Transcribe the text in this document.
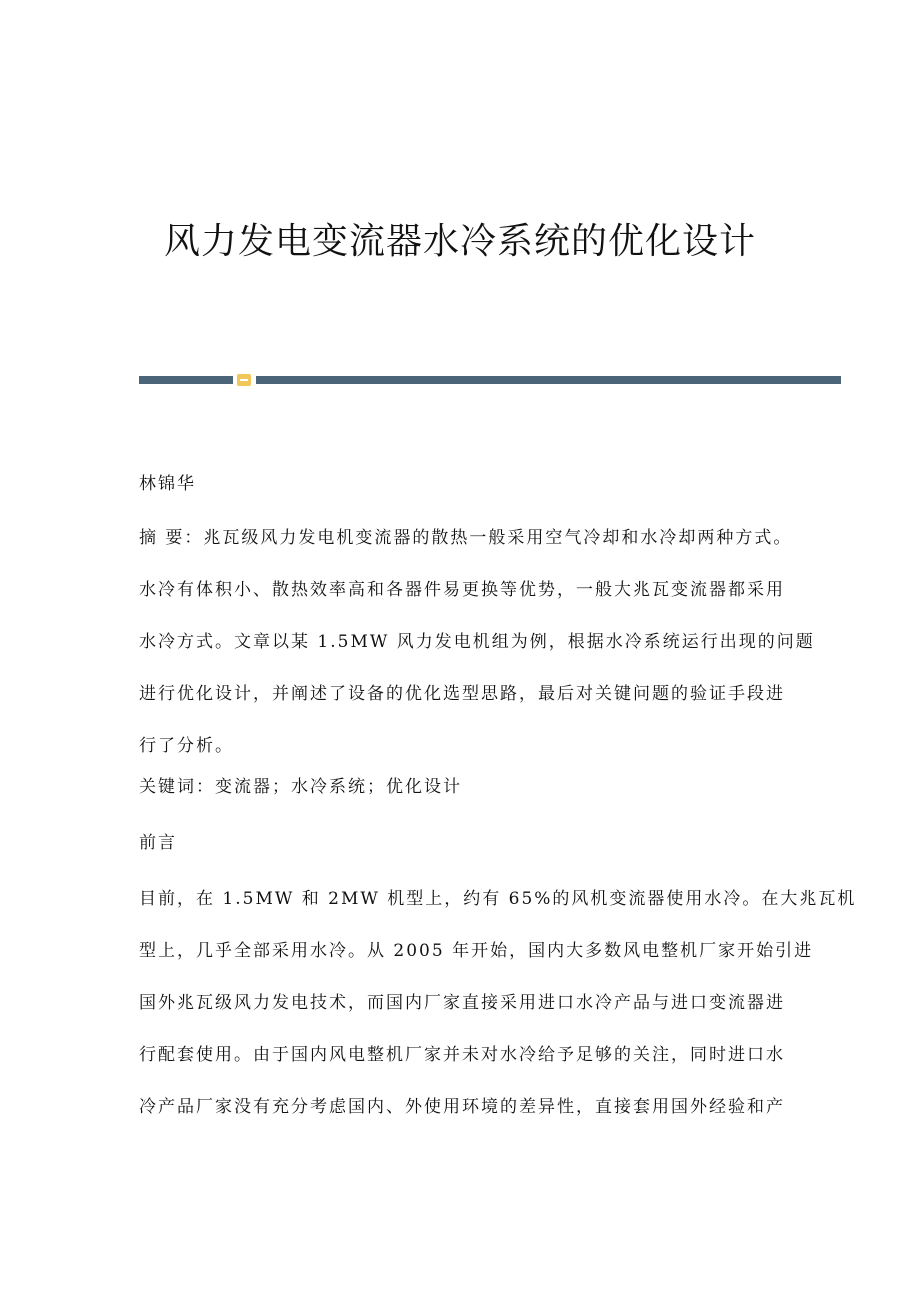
风力发电变流器水冷系统的优化设计

林锦华

摘 要：兆瓦级风力发电机变流器的散热一般采用空气冷却和水冷却两种方式。
水冷有体积小、散热效率高和各器件易更换等优势，一般大兆瓦变流器都采用
水冷方式。文章以某 1.5MW 风力发电机组为例，根据水冷系统运行出现的问题
进行优化设计，并阐述了设备的优化选型思路，最后对关键问题的验证手段进
行了分析。

关键词：变流器；水冷系统；优化设计

前言

目前，在 1.5MW 和 2MW 机型上，约有 65%的风机变流器使用水冷。在大兆瓦机
型上，几乎全部采用水冷。从 2005 年开始，国内大多数风电整机厂家开始引进
国外兆瓦级风力发电技术，而国内厂家直接采用进口水冷产品与进口变流器进
行配套使用。由于国内风电整机厂家并未对水冷给予足够的关注，同时进口水
冷产品厂家没有充分考虑国内、外使用环境的差异性，直接套用国外经验和产
